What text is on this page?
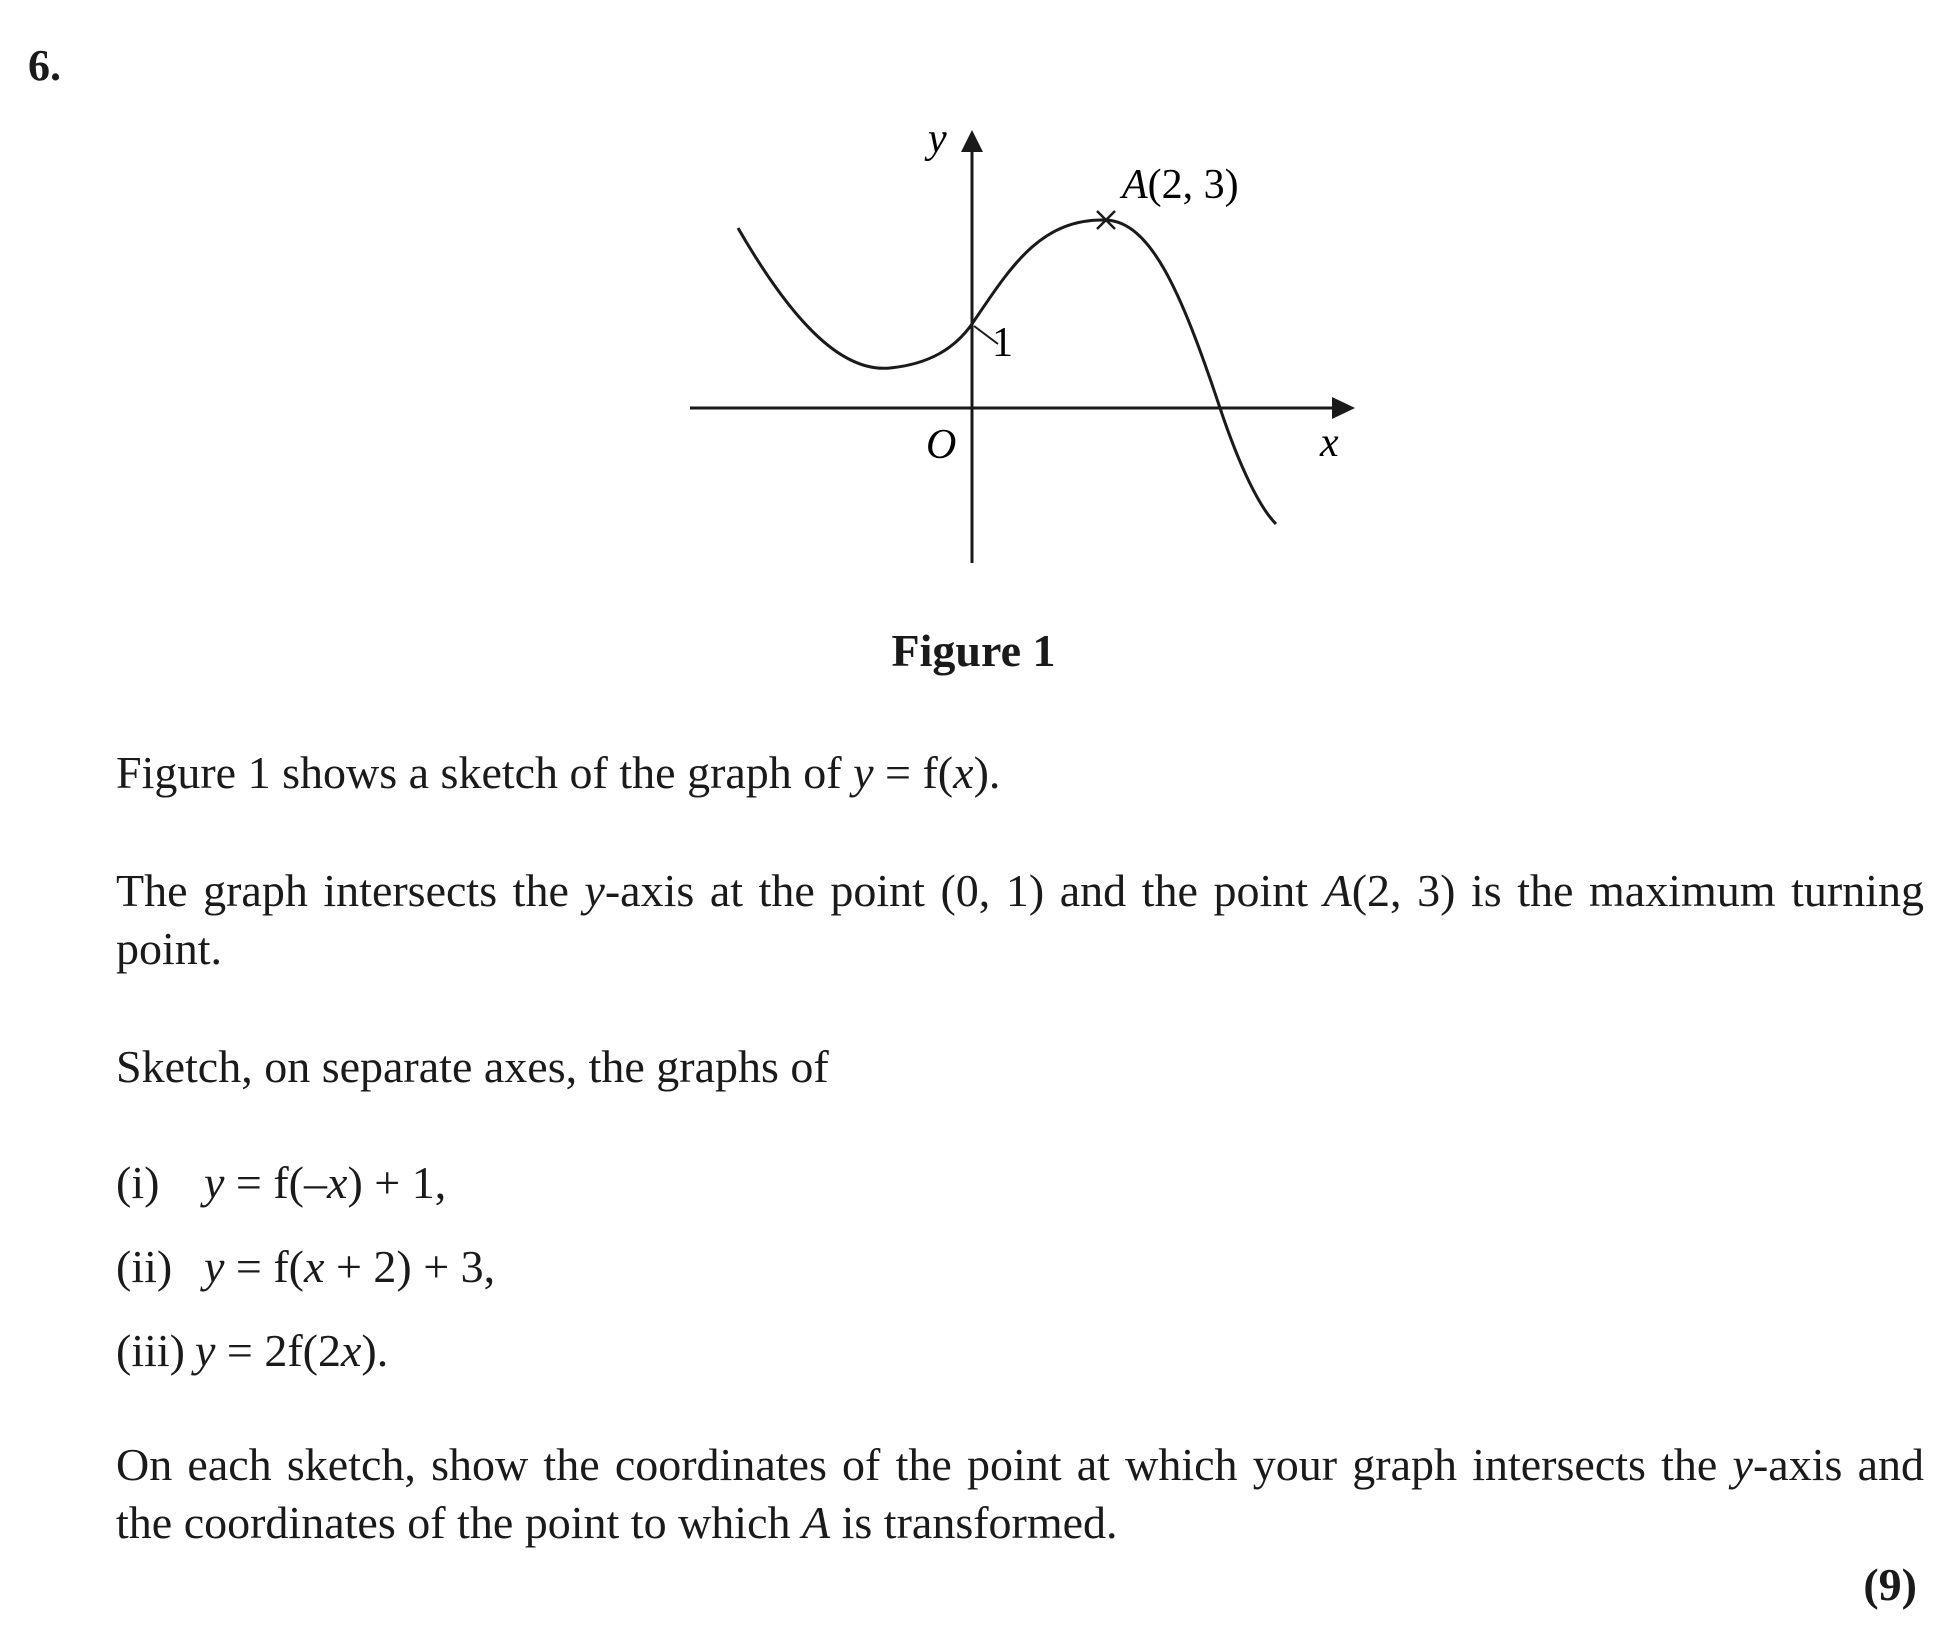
6.
y
x
O
1
A(2, 3)
Figure 1
Figure 1 shows a sketch of the graph of y = f(x).
The graph intersects the y-axis at the point (0, 1) and the point A(2, 3) is the maximum turning point.
Sketch, on separate axes, the graphs of
(i) y = f(–x) + 1,
(ii) y = f(x + 2) + 3,
(iii) y = 2f(2x).
On each sketch, show the coordinates of the point at which your graph intersects the y-axis and the coordinates of the point to which A is transformed.
(9)
